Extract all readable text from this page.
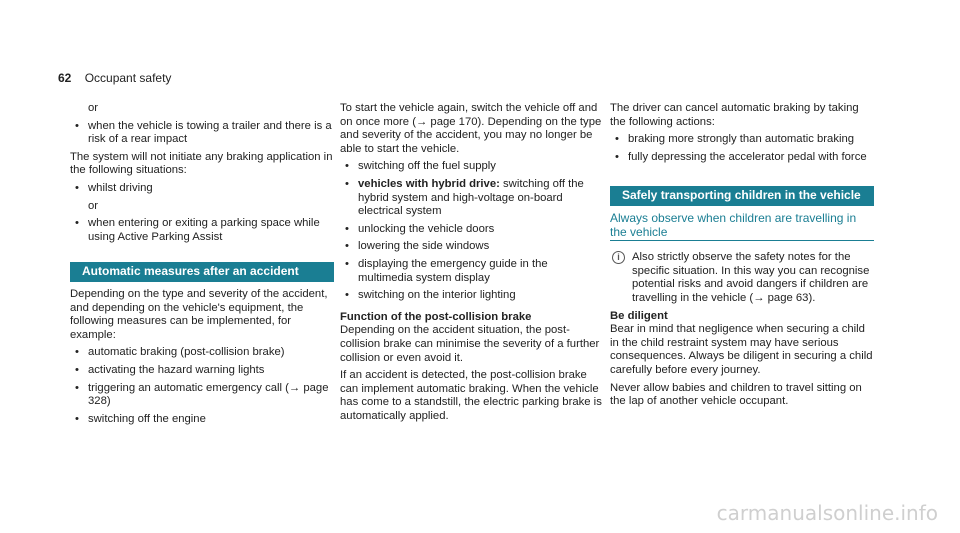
62 Occupant safety

or

• when the vehicle is towing a trailer and there is a risk of a rear impact

The system will not initiate any braking application in the following situations:

• whilst driving

or

• when entering or exiting a parking space while using Active Parking Assist
Automatic measures after an accident

Depending on the type and severity of the accident, and depending on the vehicle's equipment, the following measures can be implemented, for example:

• automatic braking (post-collision brake)
• activating the hazard warning lights
• triggering an automatic emergency call (→ page 328)
• switching off the engine

To start the vehicle again, switch the vehicle off and on once more (→ page 170). Depending on the type and severity of the accident, you may no longer be able to start the vehicle.

• switching off the fuel supply
• vehicles with hybrid drive: switching off the hybrid system and high-voltage on-board electrical system
• unlocking the vehicle doors
• lowering the side windows
• displaying the emergency guide in the multimedia system display
• switching on the interior lighting

Function of the post-collision brake

Depending on the accident situation, the post-collision brake can minimise the severity of a further collision or even avoid it.

If an accident is detected, the post-collision brake can implement automatic braking. When the vehicle has come to a standstill, the electric parking brake is automatically applied.

The driver can cancel automatic braking by taking the following actions:

• braking more strongly than automatic braking
• fully depressing the accelerator pedal with force
Safely transporting children in the vehicle
Always observe when children are travelling in the vehicle
i	Also strictly observe the safety notes for the specific situation. In this way you can recognise potential risks and avoid dangers if children are travelling in the vehicle (→ page 63).

Be diligent

Bear in mind that negligence when securing a child in the child restraint system may have serious consequences. Always be diligent in securing a child carefully before every journey.

Never allow babies and children to travel sitting on the lap of another vehicle occupant.

carmanualsonline.info
